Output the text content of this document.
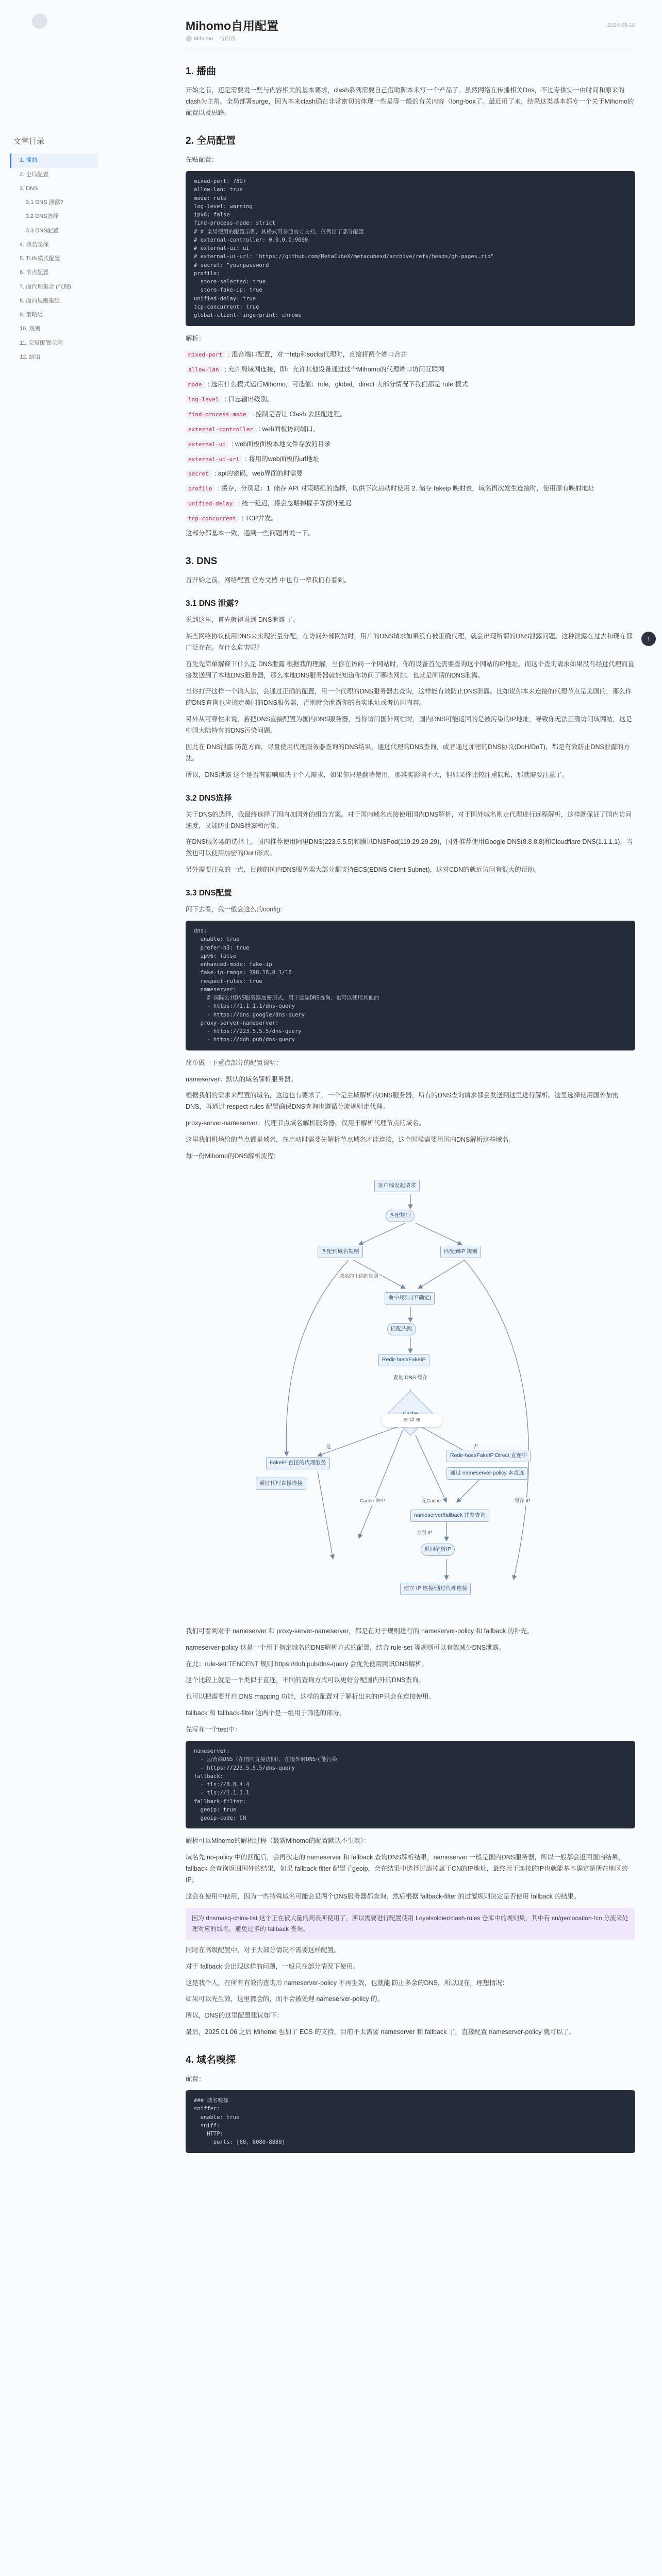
文章目录
1. 播曲
2. 全局配置
3. DNS
3.1 DNS 泄露?
3.2 DNS选择
3.3 DNS配置
4. 域名嗅探
5. TUN模式配置
6. 节点配置
7. 面代理集合 (代理)
8. 面向规则集组
9. 策略组
10. 规则
11. 完整配置示例
12. 结语
Mihomo自用配置
Mihomo 与内容
2024-09-10
1. 播曲

开始之前，还是需要说一些与内容相关的基本要求，clash系列需要自己借助脚本来写一个产品了。虽然网络在传播相关Dns，不过专供实一由时间和原来的clash为主角。全局部署surge，因为本来clash确在非常密切的体现一些是等一般的有关内容（long-box了。最近用了来，结果这类基本都专一个关于Mihomo的配置以及思路。

2. 全局配置

先贴配置:

mixed-port: 7897
allow-lan: true
mode: rule
log-level: warning
ipv6: false
find-process-mode: strict
# # 全局使用的配置示例，其格式可参照官方文档，仅列出了部分配置
# external-controller: 0.0.0.0:9090
# external-ui: ui
# external-ui-url: "https://github.com/MetaCubeX/metacubexd/archive/refs/heads/gh-pages.zip"
# secret: "yourpassword"
profile:
store-selected: true
store-fake-ip: true
unified-delay: true
tcp-concurrent: true
global-client-fingerprint: chrome

解析：

mixed-port : 混合端口配置，对一http和socks代理时，直接将两个端口合并
allow-lan : 允许局域网连接，即：允许其他设备通过这个Mihomo的代理端口访问互联网
mode : 选用什么模式运行Mihomo，可选值：rule，global，direct 大部分情况下我们都是 rule 模式
log-level : 日志输出级别。
find-process-mode : 控制是否让 Clash 去匹配进程。
external-controller : web面板访问端口。
external-ui : web面板面板本地文件存放的目录
external-ui-url : 将用的web面板的url地址
secret : api的密码，web界面的时需要
profile : 缓存，分别是：1. 储存 API 对策略组的选择，以供下次启动时使用 2. 储存 fakeip 映射表，域名再次发生连接时，使用原有映射地址
unified-delay : 统一延迟，将会忽略掉握手等额外延迟
tcp-concurrent : TCP并发。

这部分都基本一致，遇到一些问题再说一下。

3. DNS

首开始之前，网络配置 官方文档 中也有一章我们有看到。

3.1 DNS 泄露?

说到这里，首先就得说到 DNS泄露 了。

某些网络协议使用DNS来实现流量分配，在访问外部网站时，用户的DNS请求如果没有被正确代理，就会出现所谓的DNS泄露问题。这种泄露在过去和现在都广泛存在。有什么危害呢？

首先先简单解释下什么是 DNS泄露 根据我的理解，当你在访问一个网站时，你的设备首先需要查询这个网站的IP地址，而这个查询请求如果没有经过代理而直接发送到了本地DNS服务器，那么本地DNS服务器就能知道你访问了哪些网站。也就是所谓的DNS泄露。

当你打开这样一个输入法，会通过正确的配置，用一个代理的DNS服务器去查询，这样能有效防止DNS泄露。比如说你本来连接的代理节点是美国的，那么你的DNS查询也应该走美国的DNS服务器，否则就会泄露你的真实地址或者访问内容。

另外从可靠性来说，若把DNS直接配置为国内DNS服务器，当你访问国外网站时，国内DNS可能返回的是被污染的IP地址，导致你无法正确访问该网站，这是中国大陆特有的DNS污染问题。

因此在 DNS泄露 防范方面，尽量使用代理服务器查询的DNS结果，通过代理的DNS查询，或者通过加密的DNS协议(DoH/DoT)，都是有效防止DNS泄露的方法。

所以，DNS泄露 这个是否有影响取决于个人需求，如果你只是翻墙使用，那其实影响不大，但如果你比较注重隐私，那就需要注意了。

3.2 DNS选择

关于DNS的选择，我最终选择了国内加国外的组合方案。对于国内域名直接使用国内DNS解析，对于国外域名则走代理进行远程解析，这样既保证了国内访问速度，又能防止DNS泄露和污染。

在DNS服务器的选择上，国内推荐使用阿里DNS(223.5.5.5)和腾讯DNSPod(119.29.29.29)，国外推荐使用Google DNS(8.8.8.8)和Cloudflare DNS(1.1.1.1)，当然也可以使用加密的DoH形式。

另外需要注意的一点，目前的国内DNS服务器大部分都支持ECS(EDNS Client Subnet)，这对CDN的就近访问有很大的帮助。

3.3 DNS配置

闲下去看，我一般会这么的config:

dns:
enable: true
prefer-h3: true
ipv6: false
enhanced-mode: fake-ip
fake-ip-range: 198.18.0.1/16
respect-rules: true
nameserver:
# 国际公共DNS服务器加密形式，用于远端DNS查询，也可以使用其他的
- https://1.1.1.1/dns-query
- https://dns.google/dns-query
proxy-server-nameserver:
- https://223.5.5.5/dns-query
- https://doh.pub/dns-query

简单做一下重点部分的配置说明：

nameserver：默认的域名解析服务器。

根据我们的需求来配置的域名，这边也有要求了，一个是主域解析的DNS服务器，所有的DNS查询请求都会发送到这里进行解析。这里选择使用国外加密DNS，再通过 respect-rules 配置确保DNS查询也遵循分流规则走代理。

proxy-server-nameserver：代理节点域名解析服务器，仅用于解析代理节点的域名。

这里我们机场给的节点都是域名，在启动时需要先解析节点域名才能连接，这个时候需要用国内DNS解析这些域名。

每一份Mihomo的DNS解析流程:

客户端发起请求
匹配规则
匹配到域名规则	匹配到IP 规则
域名的正确的规则
命中规则 (不确定)
匹配失败
Redir-host/FakeIP
查询 DNS 缓存
⊖ ↺ ⊕
是	否
FakeIP 直接的代理服务
Redir-host/FakeIP Direct 直连中
通过代理直接连接
通过 nameserver-policy 本直连
Cache 命中	无Cache	缓存 IP
nameserver/fallback 并发查询
查到 IP
返回解析IP
建立 IP 连接/通过代理连接

我们可看到对于 nameserver 和 proxy-server-nameserver，都是在对于规则进行的 nameserver-policy 和 fallback 的补充。

nameserver-policy 这是一个用于指定域名的DNS解析方式的配置，结合 rule-set 等规则可以有效减少DNS泄露。

在此：rule-set:TENCENT 规则 https://doh.pub/dns-query 会优先使用腾讯DNS解析。

这个比较上就是一个类似于直连，不同的查询方式可以更好分配国内外的DNS查询。

也可以把需要开启 DNS mapping 功能，这样的配置对于解析出来的IP只会在连接使用。

fallback 和 fallback-filter 这两个是一组用于筛选的部分。

先写在一个test中：

nameserver:
- 运营商DNS（在国内直接访问），在境外时DNS可能污染
- https://223.5.5.5/dns-query
fallback:
- tls://8.8.4.4
- tls://1.1.1.1
fallback-filter:
geoip: true
geoip-code: CN

解析可以Mihomo的解析过程（最新Mihomo的配置默认不生效）：

域名先 no-policy 中的匹配后，会再次走的 nameserver 和 fallback 查询DNS解析结果，nameserver 一般是国内DNS服务器，所以一般都会返回国内结果，fallback 会查询返回国外的结果，如果 fallback-filter 配置了geoip，会在结果中选择过滤掉属于CN的IP地址，最终用于连接的IP也就能基本确定是所在地区的IP。

这会在使用中使用，因为一些特殊域名可能会是两个DNS服务器都查询，然后根据 fallback-filter 的过滤规则决定是否使用 fallback 的结果。

因为 dnsmasq-china-list 这个正在被大量的列表所使用了，所以需要进行配置使用 Loyalsoldier/clash-rules 仓库中的规则集，其中有 cn/geolocation-!cn 分流来处理对应的域名，避免过多的 fallback 查询。

同时在高级配置中，对于大部分情况不需要这样配置。

对于 fallback 会出现这样的问题，一般只在部分情况下使用。

这是我个人，在所有有效的查询后 nameserver-policy 不再生效，也就能 防止多余的DNS，所以现在，理想情况：

如果可以先生效，这里都会的，而不会被处理 nameserver-policy 的。

所以，DNS的这里配置建议如下：

最后，2025.01.06 之后 Mihomo 也加了 ECS 的支持，目前不太需要 nameserver 和 fallback 了，直接配置 nameserver-policy 就可以了。

4. 域名嗅探

配置：

### 域名嗅探
sniffer:
enable: true
sniff:
HTTP:
ports: [80, 8080-8880]
↑
